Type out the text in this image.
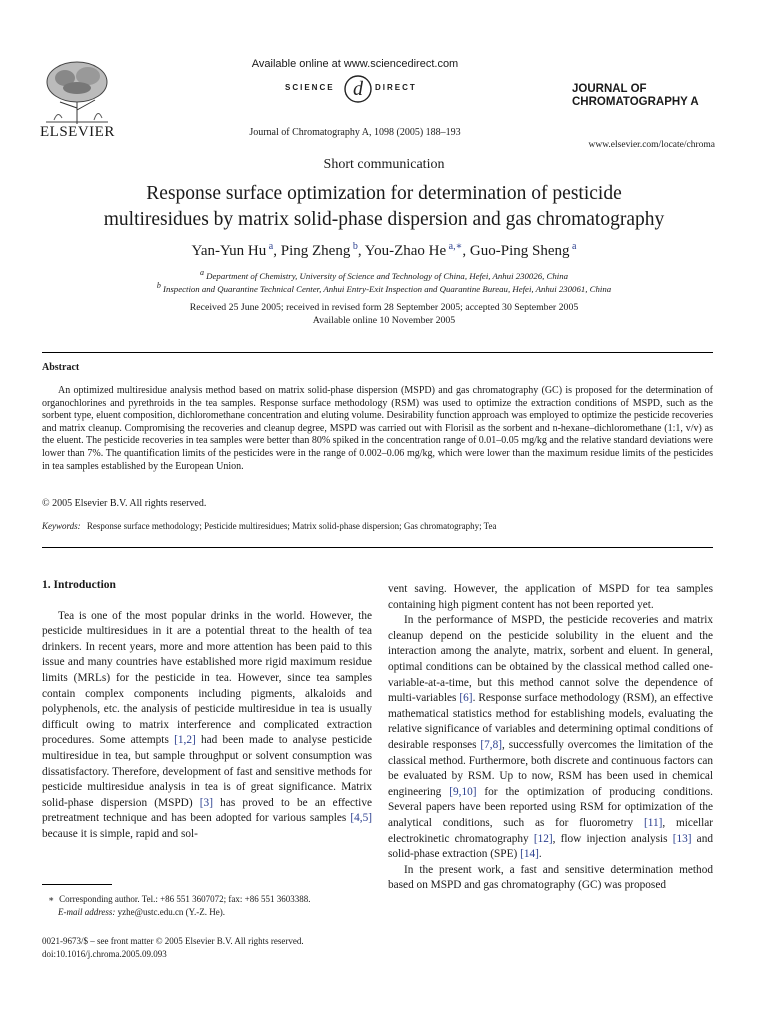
ELSEVIER
Available online at www.sciencedirect.com
SCIENCE d DIRECT
Journal of Chromatography A, 1098 (2005) 188–193
JOURNAL OF
CHROMATOGRAPHY A
www.elsevier.com/locate/chroma
Short communication
Response surface optimization for determination of pesticide
multiresidues by matrix solid-phase dispersion and gas chromatography
Yan-Yun Hu $^a$, Ping Zheng $^b$, You-Zhao He $^{a,∗}$, Guo-Ping Sheng $^a$
a Department of Chemistry, University of Science and Technology of China, Hefei, Anhui 230026, China
b Inspection and Quarantine Technical Center, Anhui Entry-Exit Inspection and Quarantine Bureau, Hefei, Anhui 230061, China
Received 25 June 2005; received in revised form 28 September 2005; accepted 30 September 2005
Available online 10 November 2005
Abstract
An optimized multiresidue analysis method based on matrix solid-phase dispersion (MSPD) and gas chromatography (GC) is proposed for the determination of organochlorines and pyrethroids in the tea samples. Response surface methodology (RSM) was used to optimize the extraction conditions of MSPD, such as the sorbent type, eluent composition, dichloromethane concentration and eluting volume. Desirability function approach was employed to optimize the pesticide recoveries and matrix cleanup. Compromising the recoveries and cleanup degree, MSPD was carried out with Florisil as the sorbent and n-hexane–dichloromethane (1:1, v/v) as the eluent. The pesticide recoveries in tea samples were better than 80% spiked in the concentration range of 0.01–0.05 mg/kg and the relative standard deviations were lower than 7%. The quantification limits of the pesticides were in the range of 0.002–0.06 mg/kg, which were lower than the maximum residue limits of the pesticides in tea samples established by the European Union.
© 2005 Elsevier B.V. All rights reserved.
Keywords: Response surface methodology; Pesticide multiresidues; Matrix solid-phase dispersion; Gas chromatography; Tea

1. Introduction

Tea is one of the most popular drinks in the world. However, the pesticide multiresidues in it are a potential threat to the health of tea drinkers. In recent years, more and more attention has been paid to this issue and many countries have established more rigid maximum residue limits (MRLs) for the pesticide in tea. However, since tea samples contain complex components including pigments, alkaloids and polyphenols, etc. the analysis of pesticide multiresidue in tea is usually difficult owing to matrix interference and complicated extraction procedures. Some attempts [1,2] had been made to analyse pesticide multiresidue in tea, but sample throughput or solvent consumption was dissatisfactory. Therefore, development of fast and sensitive methods for pesticide multiresidue analysis in tea is of great significance. Matrix solid-phase dispersion (MSPD) [3] has proved to be an effective pretreatment technique and has been adopted for various samples [4,5] because it is simple, rapid and sol-

vent saving. However, the application of MSPD for tea samples containing high pigment content has not been reported yet.

In the performance of MSPD, the pesticide recoveries and matrix cleanup depend on the pesticide solubility in the eluent and the interaction among the analyte, matrix, sorbent and eluent. In general, optimal conditions can be obtained by the classical method called one-variable-at-a-time, but this method cannot solve the dependence of multi-variables [6]. Response surface methodology (RSM), an effective mathematical statistics method for establishing models, evaluating the relative significance of variables and determining optimal conditions of desirable responses [7,8], successfully overcomes the limitation of the classical method. Furthermore, both discrete and continuous factors can be evaluated by RSM. Up to now, RSM has been used in chemical engineering [9,10] for the optimization of producing conditions. Several papers have been reported using RSM for optimization of the analytical conditions, such as for fluorometry [11], micellar electrokinetic chromatography [12], flow injection analysis [13] and solid-phase extraction (SPE) [14].

In the present work, a fast and sensitive determination method based on MSPD and gas chromatography (GC) was proposed

∗ Corresponding author. Tel.: +86 551 3607072; fax: +86 551 3603388.
E-mail address: yzhe@ustc.edu.cn (Y.-Z. He).
0021-9673/$ – see front matter © 2005 Elsevier B.V. All rights reserved.
doi:10.1016/j.chroma.2005.09.093
